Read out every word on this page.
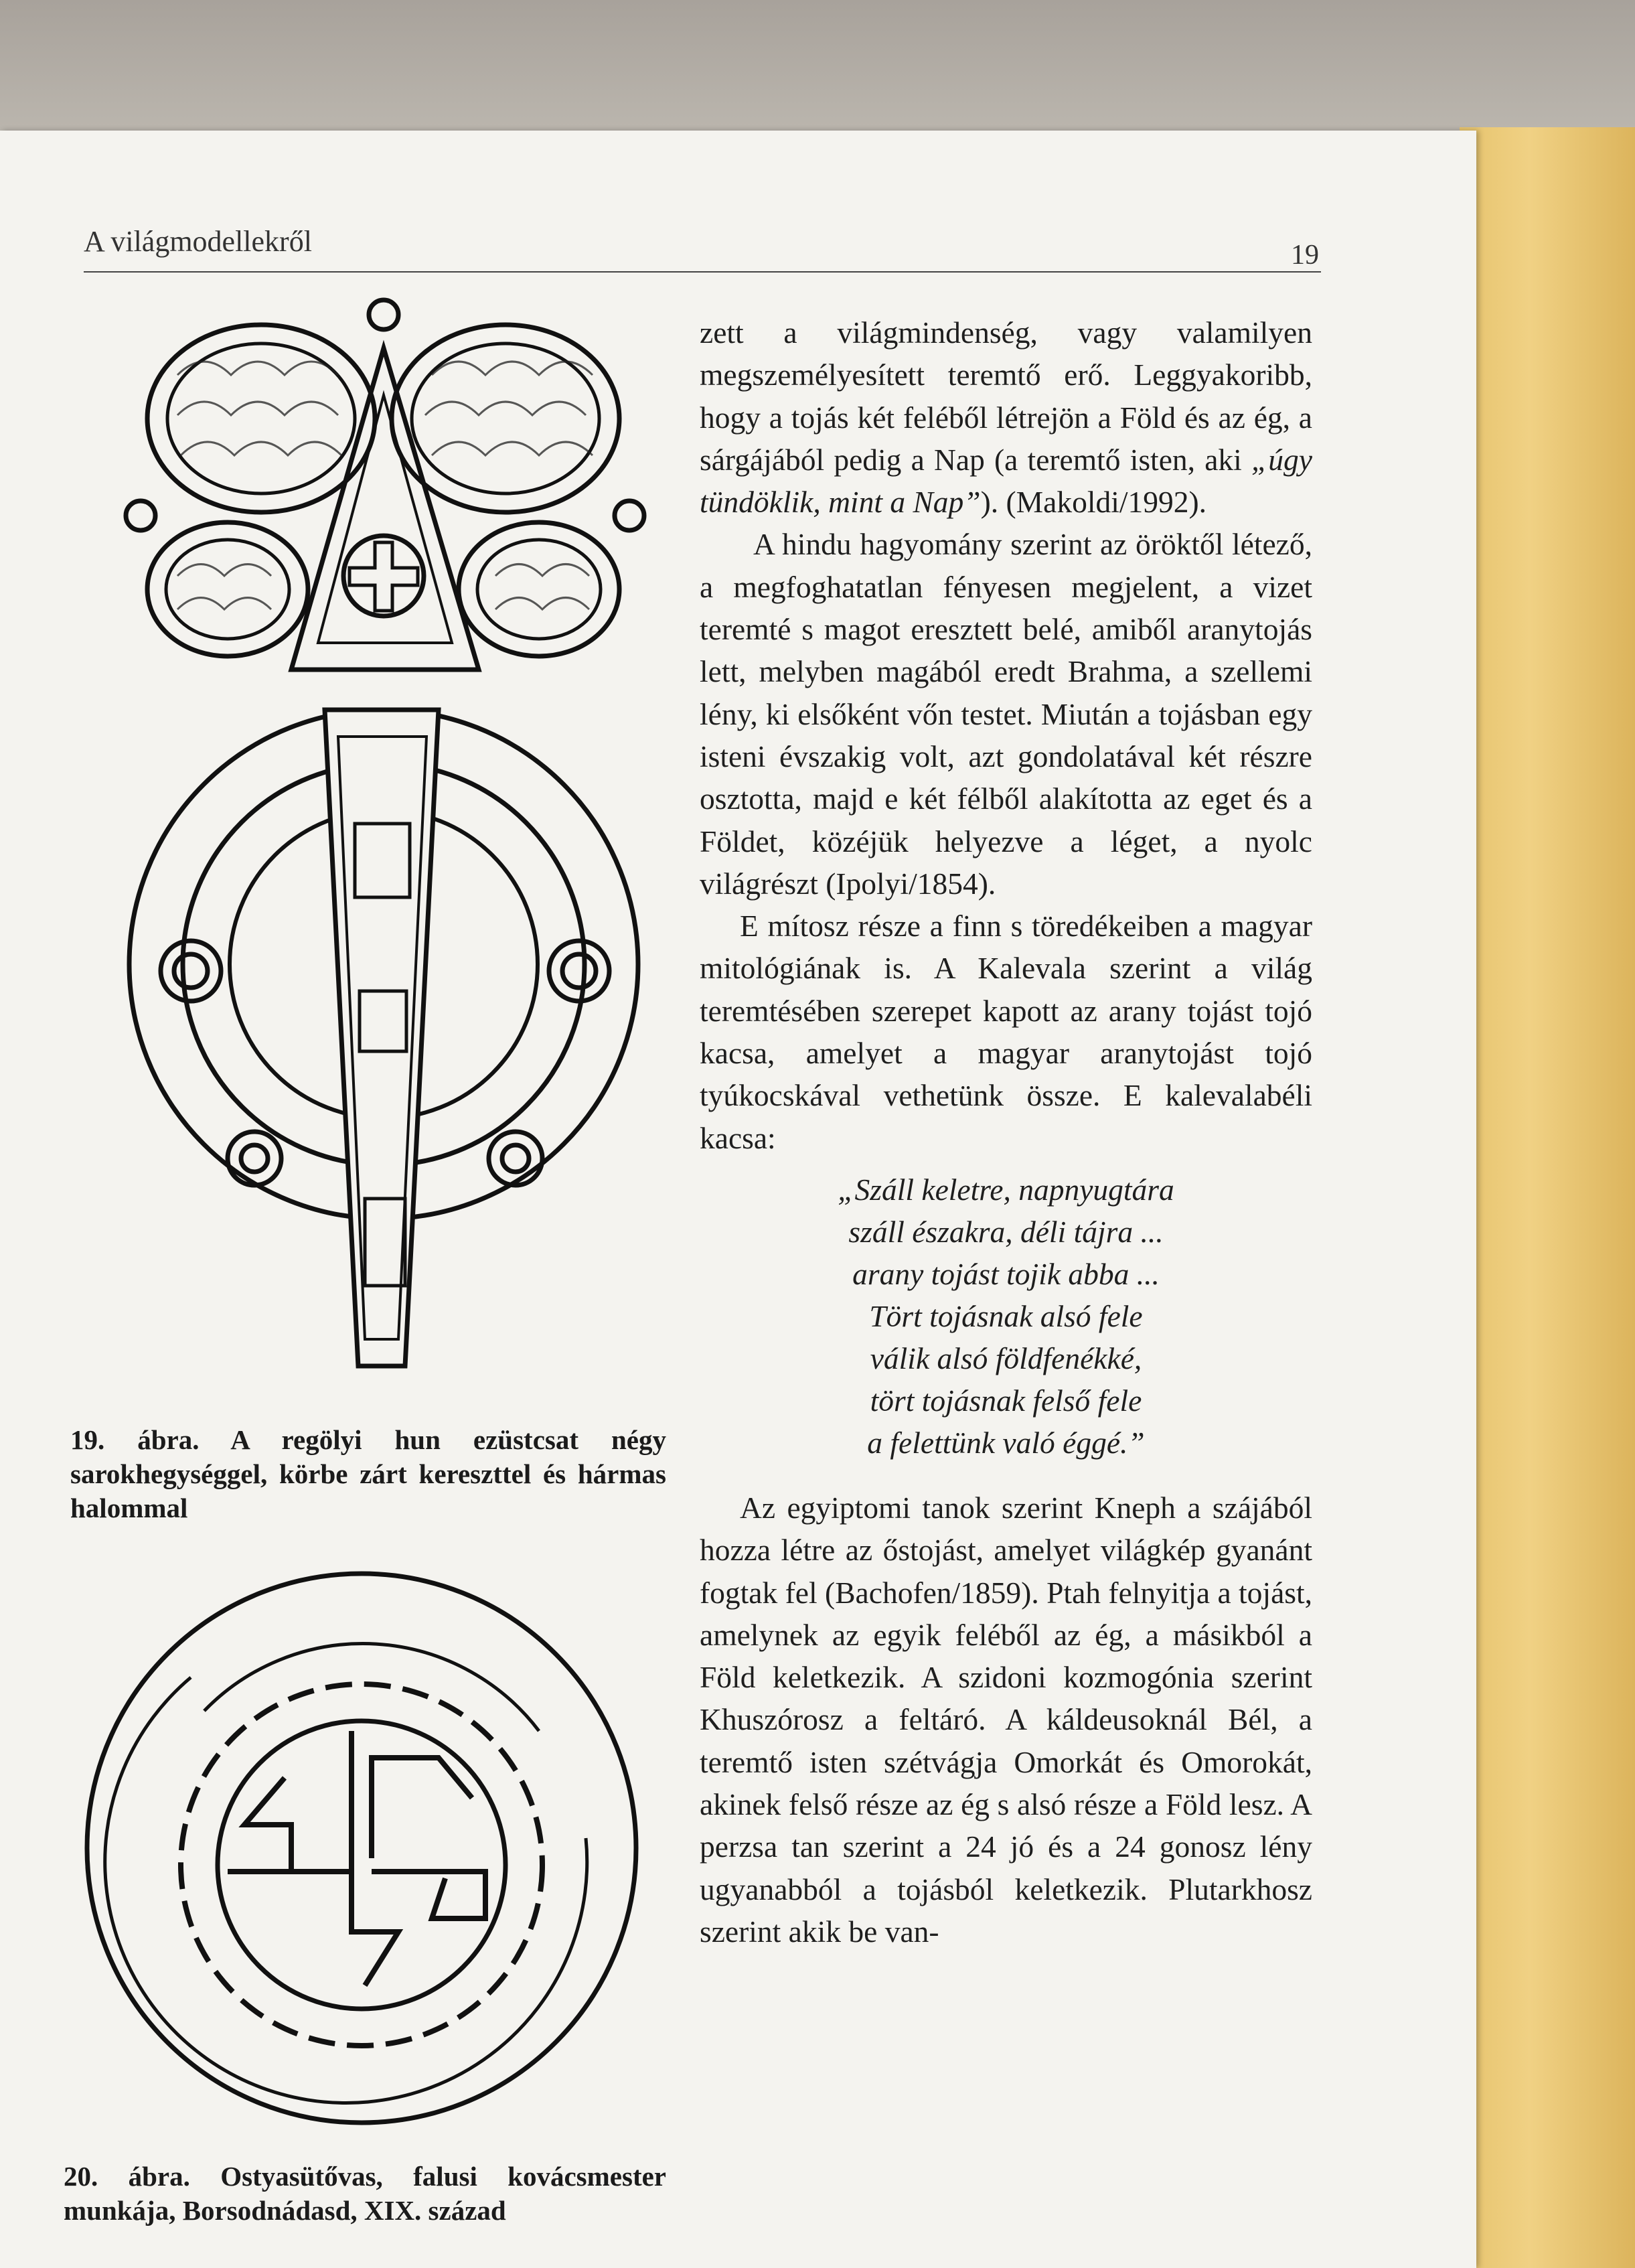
A világmodellekről	19
19. ábra. A regölyi hun ezüstcsat négy sarokhegységgel, körbe zárt kereszttel és hármas halommal
20. ábra. Ostyasütővas, falusi kovácsmester munkája, Borsodnádasd, XIX. század

zett a világmindenség, vagy valamilyen megszemélyesített teremtő erő. Leggyakoribb, hogy a tojás két feléből létrejön a Föld és az ég, a sárgájából pedig a Nap (a teremtő isten, aki „úgy tündöklik, mint a Nap”). (Makoldi/1992).

A hindu hagyomány szerint az öröktől létező, a megfoghatatlan fényesen megjelent, a vizet teremté s magot eresztett belé, amiből aranytojás lett, melyben magából eredt Brahma, a szellemi lény, ki elsőként vőn testet. Miután a tojásban egy isteni évszakig volt, azt gondolatával két részre osztotta, majd e két félből alakította az eget és a Földet, közéjük helyezve a léget, a nyolc világrészt (Ipolyi/1854).

E mítosz része a finn s töredékeiben a magyar mitológiának is. A Kalevala szerint a világ teremtésében szerepet kapott az arany tojást tojó kacsa, amelyet a magyar aranytojást tojó tyúkocskával vethetünk össze. E kalevalabéli kacsa:

„Száll keletre, napnyugtára
száll északra, déli tájra ...
arany tojást tojik abba ...
Tört tojásnak alsó fele
válik alsó földfenékké,
tört tojásnak felső fele
a felettünk való éggé.”

Az egyiptomi tanok szerint Kneph a szájából hozza létre az őstojást, amelyet világkép gyanánt fogtak fel (Bachofen/1859). Ptah felnyitja a tojást, amelynek az egyik feléből az ég, a másikból a Föld keletkezik. A szidoni kozmogónia szerint Khuszórosz a feltáró. A káldeusoknál Bél, a teremtő isten szétvágja Omorkát és Omorokát, akinek felső része az ég s alsó része a Föld lesz. A perzsa tan szerint a 24 jó és a 24 gonosz lény ugyanabból a tojásból keletkezik. Plutarkhosz szerint akik be van-
